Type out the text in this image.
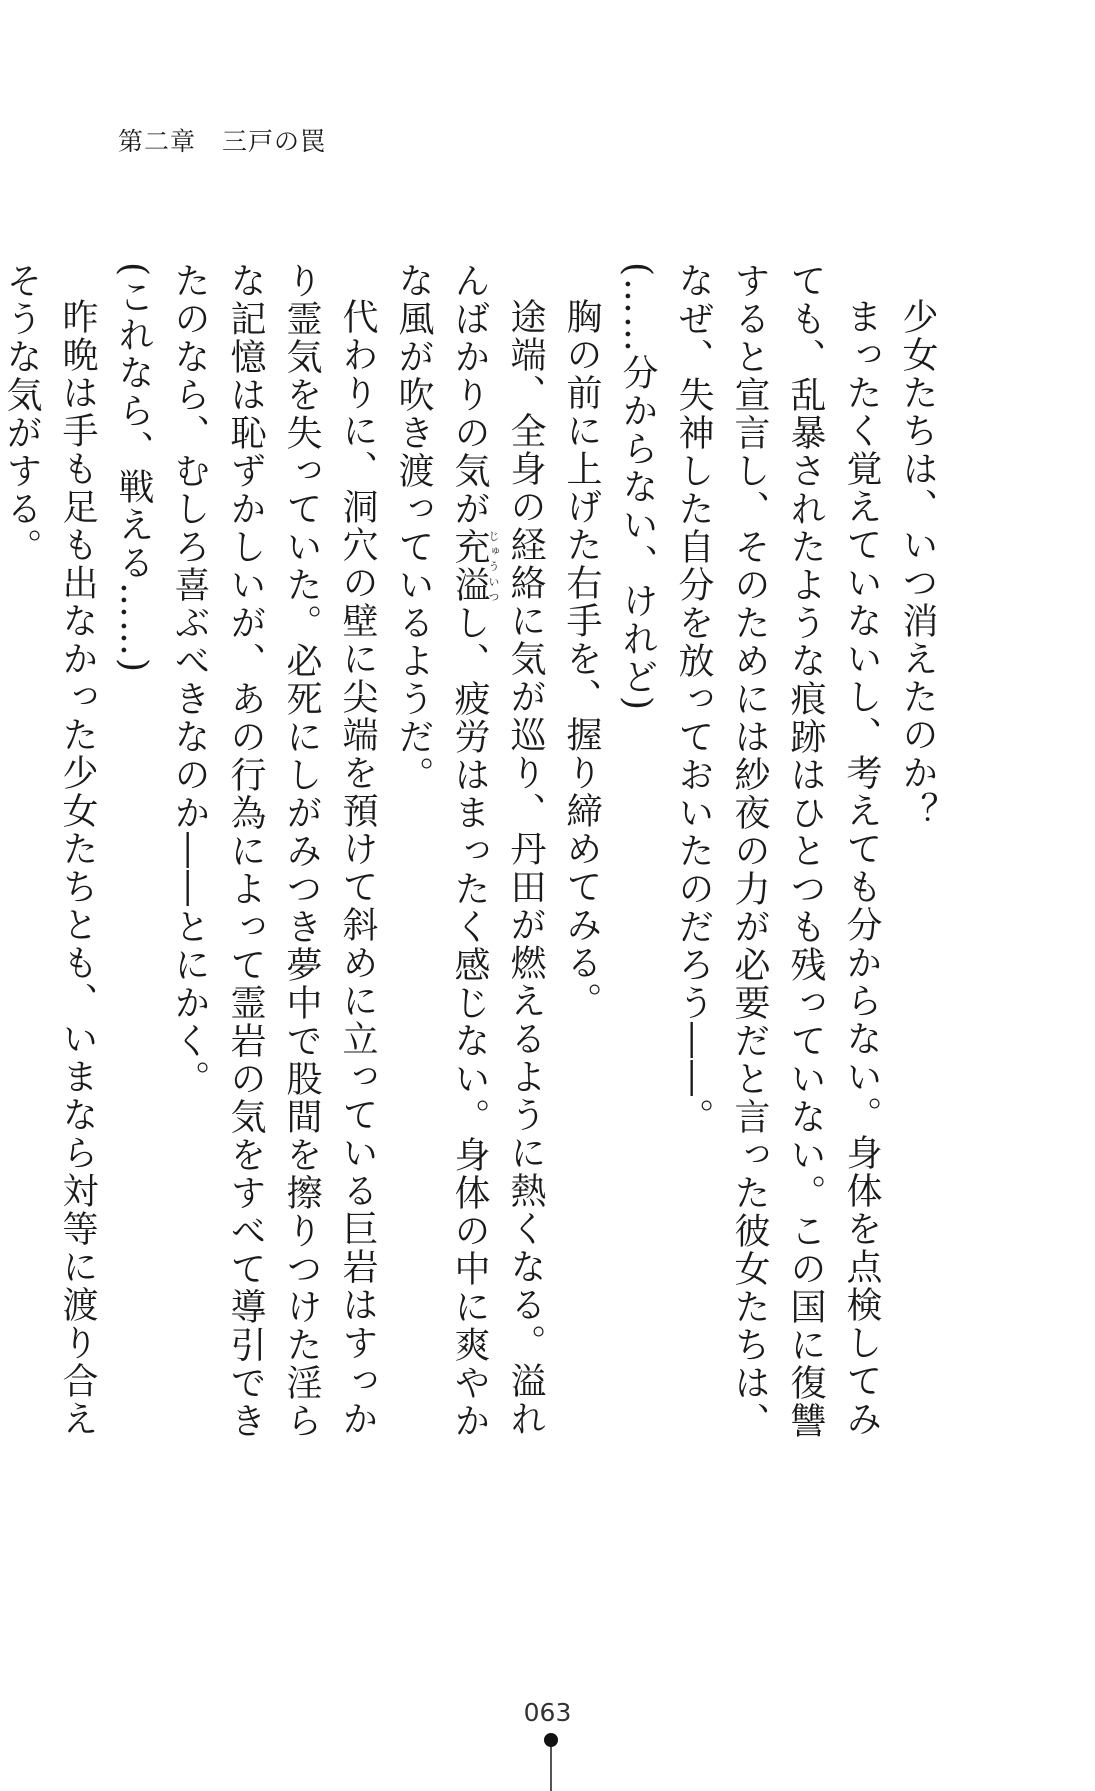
第二章　三戸の罠

少女たちは、いつ消えたのか？

まったく覚えていないし、考えても分からない。身体を点検してみても、乱暴されたような痕跡はひとつも残っていない。この国に復讐すると宣言し、そのためには紗夜の力が必要だと言った彼女たちは、なぜ、失神した自分を放っておいたのだろう――。

(……分からない、けれど)

胸の前に上げた右手を、握り締めてみる。

途端、全身の経絡に気が巡り、丹田が燃えるように熱くなる。溢れんばかりの気が充溢じゅういつし、疲労はまったく感じない。身体の中に爽やかな風が吹き渡っているようだ。

代わりに、洞穴の壁に尖端を預けて斜めに立っている巨岩はすっかり霊気を失っていた。必死にしがみつき夢中で股間を擦りつけた淫らな記憶は恥ずかしいが、あの行為によって霊岩の気をすべて導引できたのなら、むしろ喜ぶべきなのか――とにかく。

(これなら、戦える……)

昨晩は手も足も出なかった少女たちとも、いまなら対等に渡り合えそうな気がする。

063
